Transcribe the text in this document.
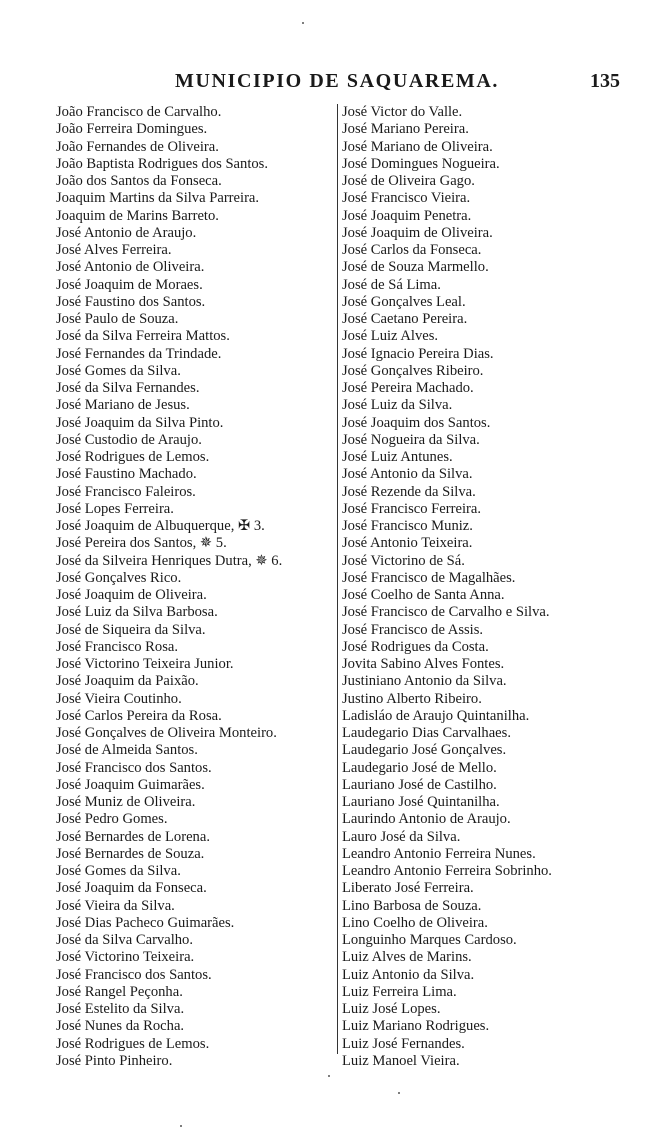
MUNICIPIO DE SAQUAREMA.	135
João Francisco de Carvalho.
João Ferreira Domingues.
João Fernandes de Oliveira.
João Baptista Rodrigues dos Santos.
João dos Santos da Fonseca.
Joaquim Martins da Silva Parreira.
Joaquim de Marins Barreto.
José Antonio de Araujo.
José Alves Ferreira.
José Antonio de Oliveira.
José Joaquim de Moraes.
José Faustino dos Santos.
José Paulo de Souza.
José da Silva Ferreira Mattos.
José Fernandes da Trindade.
José Gomes da Silva.
José da Silva Fernandes.
José Mariano de Jesus.
José Joaquim da Silva Pinto.
José Custodio de Araujo.
José Rodrigues de Lemos.
José Faustino Machado.
José Francisco Faleiros.
José Lopes Ferreira.
José Joaquim de Albuquerque, ✠ 3.
José Pereira dos Santos, ✵ 5.
José da Silveira Henriques Dutra, ✵ 6.
José Gonçalves Rico.
José Joaquim de Oliveira.
José Luiz da Silva Barbosa.
José de Siqueira da Silva.
José Francisco Rosa.
José Victorino Teixeira Junior.
José Joaquim da Paixão.
José Vieira Coutinho.
José Carlos Pereira da Rosa.
José Gonçalves de Oliveira Monteiro.
José de Almeida Santos.
José Francisco dos Santos.
José Joaquim Guimarães.
José Muniz de Oliveira.
José Pedro Gomes.
José Bernardes de Lorena.
José Bernardes de Souza.
José Gomes da Silva.
José Joaquim da Fonseca.
José Vieira da Silva.
José Dias Pacheco Guimarães.
José da Silva Carvalho.
José Victorino Teixeira.
José Francisco dos Santos.
José Rangel Peçonha.
José Estelito da Silva.
José Nunes da Rocha.
José Rodrigues de Lemos.
José Pinto Pinheiro.
José Victor do Valle.
José Mariano Pereira.
José Mariano de Oliveira.
José Domingues Nogueira.
José de Oliveira Gago.
José Francisco Vieira.
José Joaquim Penetra.
José Joaquim de Oliveira.
José Carlos da Fonseca.
José de Souza Marmello.
José de Sá Lima.
José Gonçalves Leal.
José Caetano Pereira.
José Luiz Alves.
José Ignacio Pereira Dias.
José Gonçalves Ribeiro.
José Pereira Machado.
José Luiz da Silva.
José Joaquim dos Santos.
José Nogueira da Silva.
José Luiz Antunes.
José Antonio da Silva.
José Rezende da Silva.
José Francisco Ferreira.
José Francisco Muniz.
José Antonio Teixeira.
José Victorino de Sá.
José Francisco de Magalhães.
José Coelho de Santa Anna.
José Francisco de Carvalho e Silva.
José Francisco de Assis.
José Rodrigues da Costa.
Jovita Sabino Alves Fontes.
Justiniano Antonio da Silva.
Justino Alberto Ribeiro.
Ladisláo de Araujo Quintanilha.
Laudegario Dias Carvalhaes.
Laudegario José Gonçalves.
Laudegario José de Mello.
Lauriano José de Castilho.
Lauriano José Quintanilha.
Laurindo Antonio de Araujo.
Lauro José da Silva.
Leandro Antonio Ferreira Nunes.
Leandro Antonio Ferreira Sobrinho.
Liberato José Ferreira.
Lino Barbosa de Souza.
Lino Coelho de Oliveira.
Longuinho Marques Cardoso.
Luiz Alves de Marins.
Luiz Antonio da Silva.
Luiz Ferreira Lima.
Luiz José Lopes.
Luiz Mariano Rodrigues.
Luiz José Fernandes.
Luiz Manoel Vieira.
